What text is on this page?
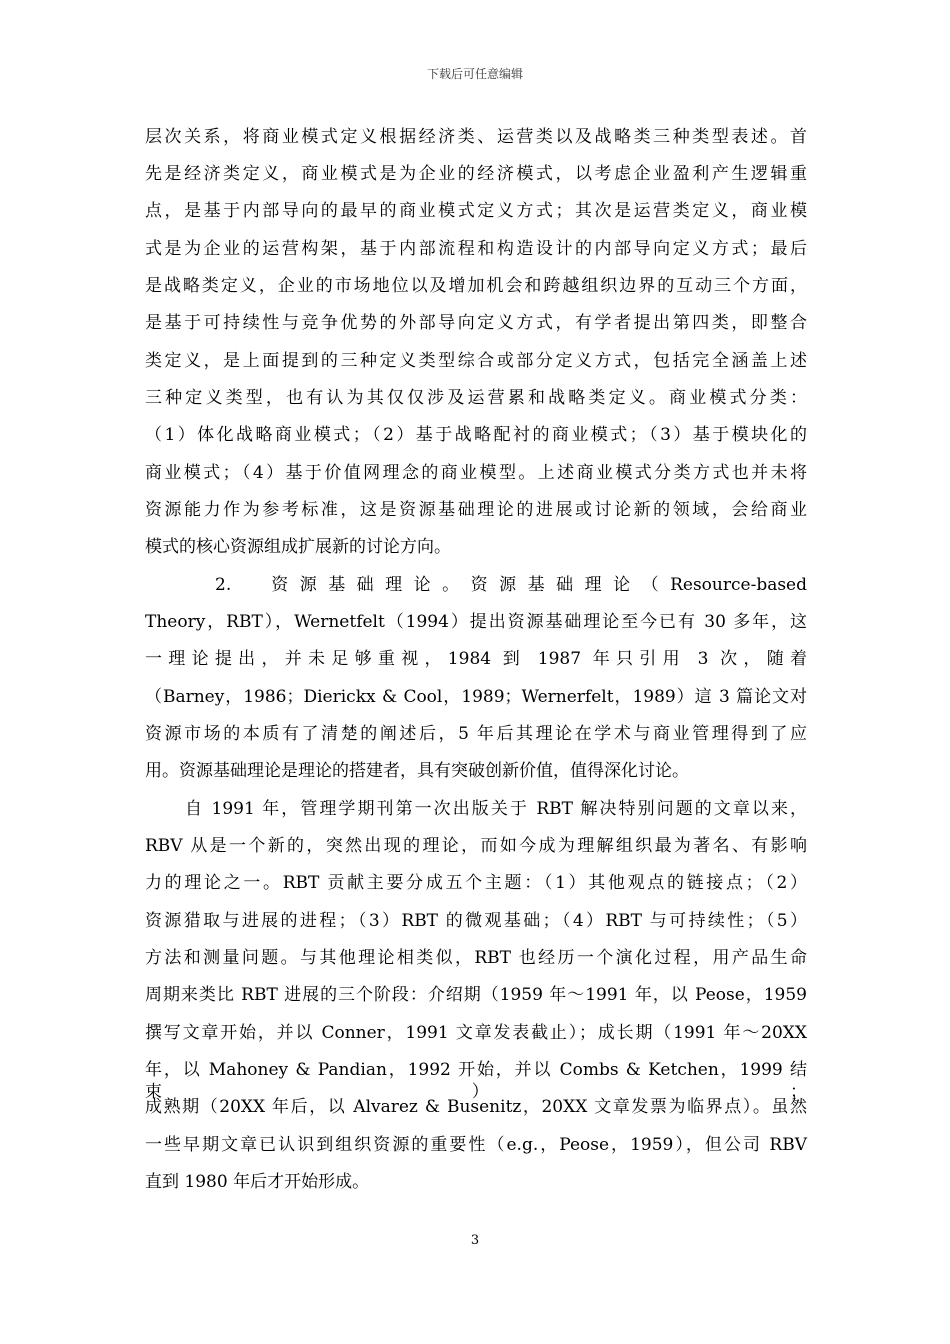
下载后可任意编辑
层次关系，将商业模式定义根据经济类、运营类以及战略类三种类型表述。首
先是经济类定义，商业模式是为企业的经济模式，以考虑企业盈利产生逻辑重
点，是基于内部导向的最早的商业模式定义方式；其次是运营类定义，商业模
式是为企业的运营构架，基于内部流程和构造设计的内部导向定义方式；最后
是战略类定义，企业的市场地位以及增加机会和跨越组织边界的互动三个方面，
是基于可持续性与竞争优势的外部导向定义方式，有学者提出第四类，即整合
类定义，是上面提到的三种定义类型综合或部分定义方式，包括完全涵盖上述
三种定义类型，也有认为其仅仅涉及运营累和战略类定义。商业模式分类：
（1）体化战略商业模式；（2）基于战略配衬的商业模式；（3）基于模块化的
商业模式；（4）基于价值网理念的商业模型。上述商业模式分类方式也并未将
资源能力作为参考标准，这是资源基础理论的进展或讨论新的领域，会给商业
模式的核心资源组成扩展新的讨论方向。
2.　资源基础理论。资源基础理论（Resource-based
Theory，RBT），Wernetfelt（1994）提出资源基础理论至今已有 30 多年，这
一理论提出，并未足够重视，1984 到 1987 年只引用 3 次，随着
（Barney，1986；Dierickx & Cool，1989；Wernerfelt，1989）這 3 篇论文对
资源市场的本质有了清楚的阐述后，5 年后其理论在学术与商业管理得到了应
用。资源基础理论是理论的搭建者，具有突破创新价值，值得深化讨论。
自 1991 年，管理学期刊第一次出版关于 RBT 解决特别问题的文章以来，
RBV 从是一个新的，突然出现的理论，而如今成为理解组织最为著名、有影响
力的理论之一。RBT 贡献主要分成五个主题：（1）其他观点的链接点；（2）
资源猎取与进展的进程；（3）RBT 的微观基础；（4）RBT 与可持续性；（5）
方法和测量问题。与其他理论相类似，RBT 也经历一个演化过程，用产品生命
周期来类比 RBT 进展的三个阶段：介绍期（1959 年～1991 年，以 Peose，1959
撰写文章开始，并以 Conner，1991 文章发表截止）；成长期（1991 年～20XX
年，以 Mahoney & Pandian，1992 开始，并以 Combs & Ketchen，1999 结束）；
成熟期（20XX 年后，以 Alvarez & Busenitz，20XX 文章发票为临界点）。虽然
一些早期文章已认识到组织资源的重要性（e.g.，Peose，1959），但公司 RBV
直到 1980 年后才开始形成。
3
